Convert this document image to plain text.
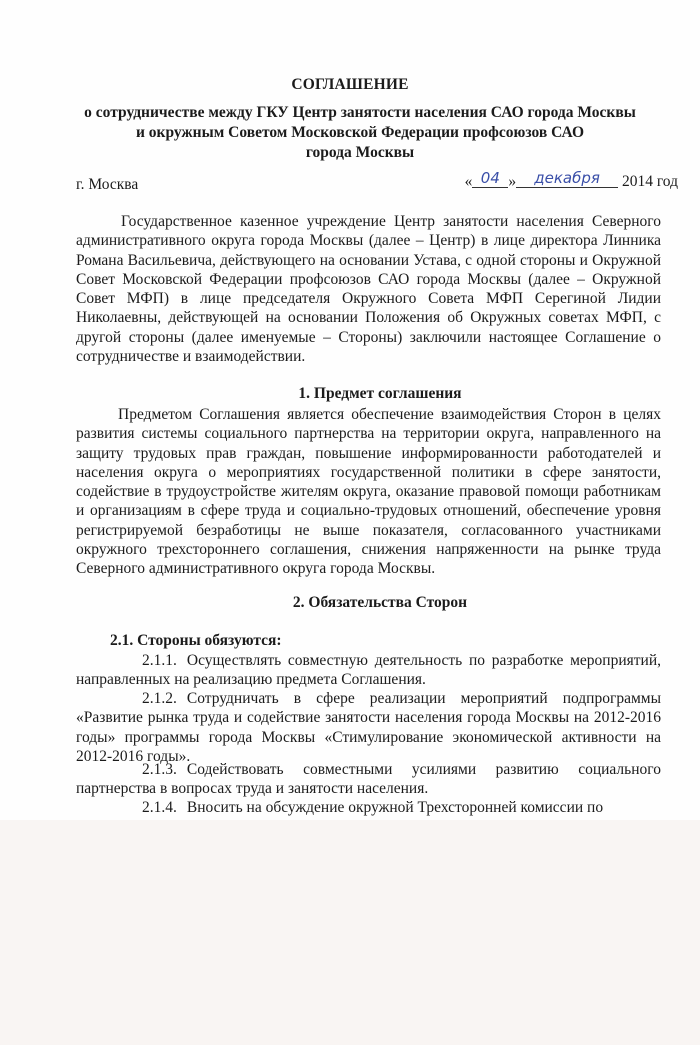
СОГЛАШЕНИЕ
о сотрудничестве между ГКУ Центр занятости населения САО города Москвы
и окружным Советом Московской Федерации профсоюзов САО
города Москвы
г. Москва	« 04 » декабря 2014 год

Государственное казенное учреждение Центр занятости населения Северного административного округа города Москвы (далее – Центр) в лице директора Линника Романа Васильевича, действующего на основании Устава, с одной стороны и Окружной Совет Московской Федерации профсоюзов САО города Москвы (далее – Окружной Совет МФП) в лице председателя Окружного Совета МФП Серегиной Лидии Николаевны, действующей на основании Положения об Окружных советах МФП, с другой стороны (далее именуемые – Стороны) заключили настоящее Соглашение о сотрудничестве и взаимодействии.

1. Предмет соглашения

Предметом Соглашения является обеспечение взаимодействия Сторон в целях развития системы социального партнерства на территории округа, направленного на защиту трудовых прав граждан, повышение информированности работодателей и населения округа о мероприятиях государственной политики в сфере занятости, содействие в трудоустройстве жителям округа, оказание правовой помощи работникам и организациям в сфере труда и социально-трудовых отношений, обеспечение уровня регистрируемой безработицы не выше показателя, согласованного участниками окружного трехстороннего соглашения, снижения напряженности на рынке труда Северного административного округа города Москвы.

2. Обязательства Сторон
2.1. Стороны обязуются:

2.1.1. Осуществлять совместную деятельность по разработке мероприятий, направленных на реализацию предмета Соглашения.

2.1.2. Сотрудничать в сфере реализации мероприятий подпрограммы «Развитие рынка труда и содействие занятости населения города Москвы на 2012-2016 годы» программы города Москвы «Стимулирование экономической активности на 2012-2016 годы».

2.1.3. Содействовать совместными усилиями развитию социального партнерства в вопросах труда и занятости населения.

2.1.4. Вносить на обсуждение окружной Трехсторонней комиссии по
